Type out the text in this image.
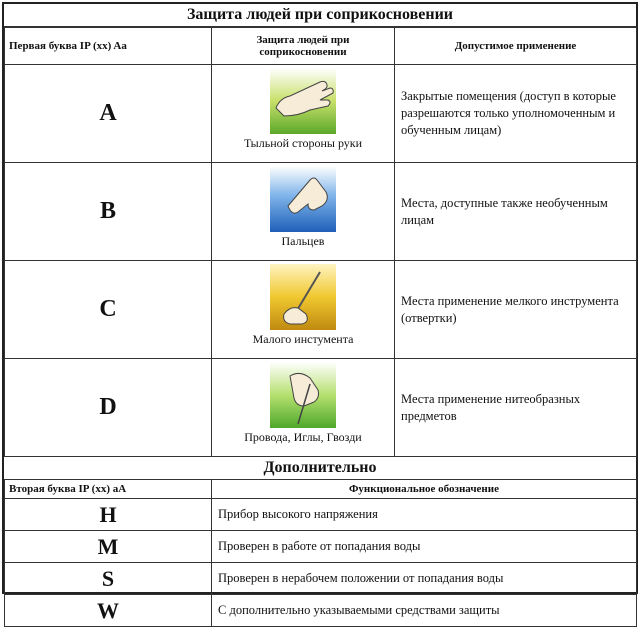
Защита людей при соприкосновении
Первая буква IP (xx) Aa	Защита людей при соприкосновении	Допустимое применение
A	Тыльной стороны руки	Закрытые помещения (доступ в которые разрешаются только уполномоченным и обученным лицам)
B	Пальцев	Места, доступные также необученным лицам
C	Малого инстумента	Места применение мелкого инструмента (отвертки)
D	Провода, Иглы, Гвозди	Места применение нитеобразных предметов
Дополнительно
Вторая буква IP (xx) aA	Функциональное обозначение
H	Прибор высокого напряжения
M	Проверен в работе от попадания воды
S	Проверен в нерабочем положении от попадания воды
W	С дополнительно указываемыми средствами защиты
